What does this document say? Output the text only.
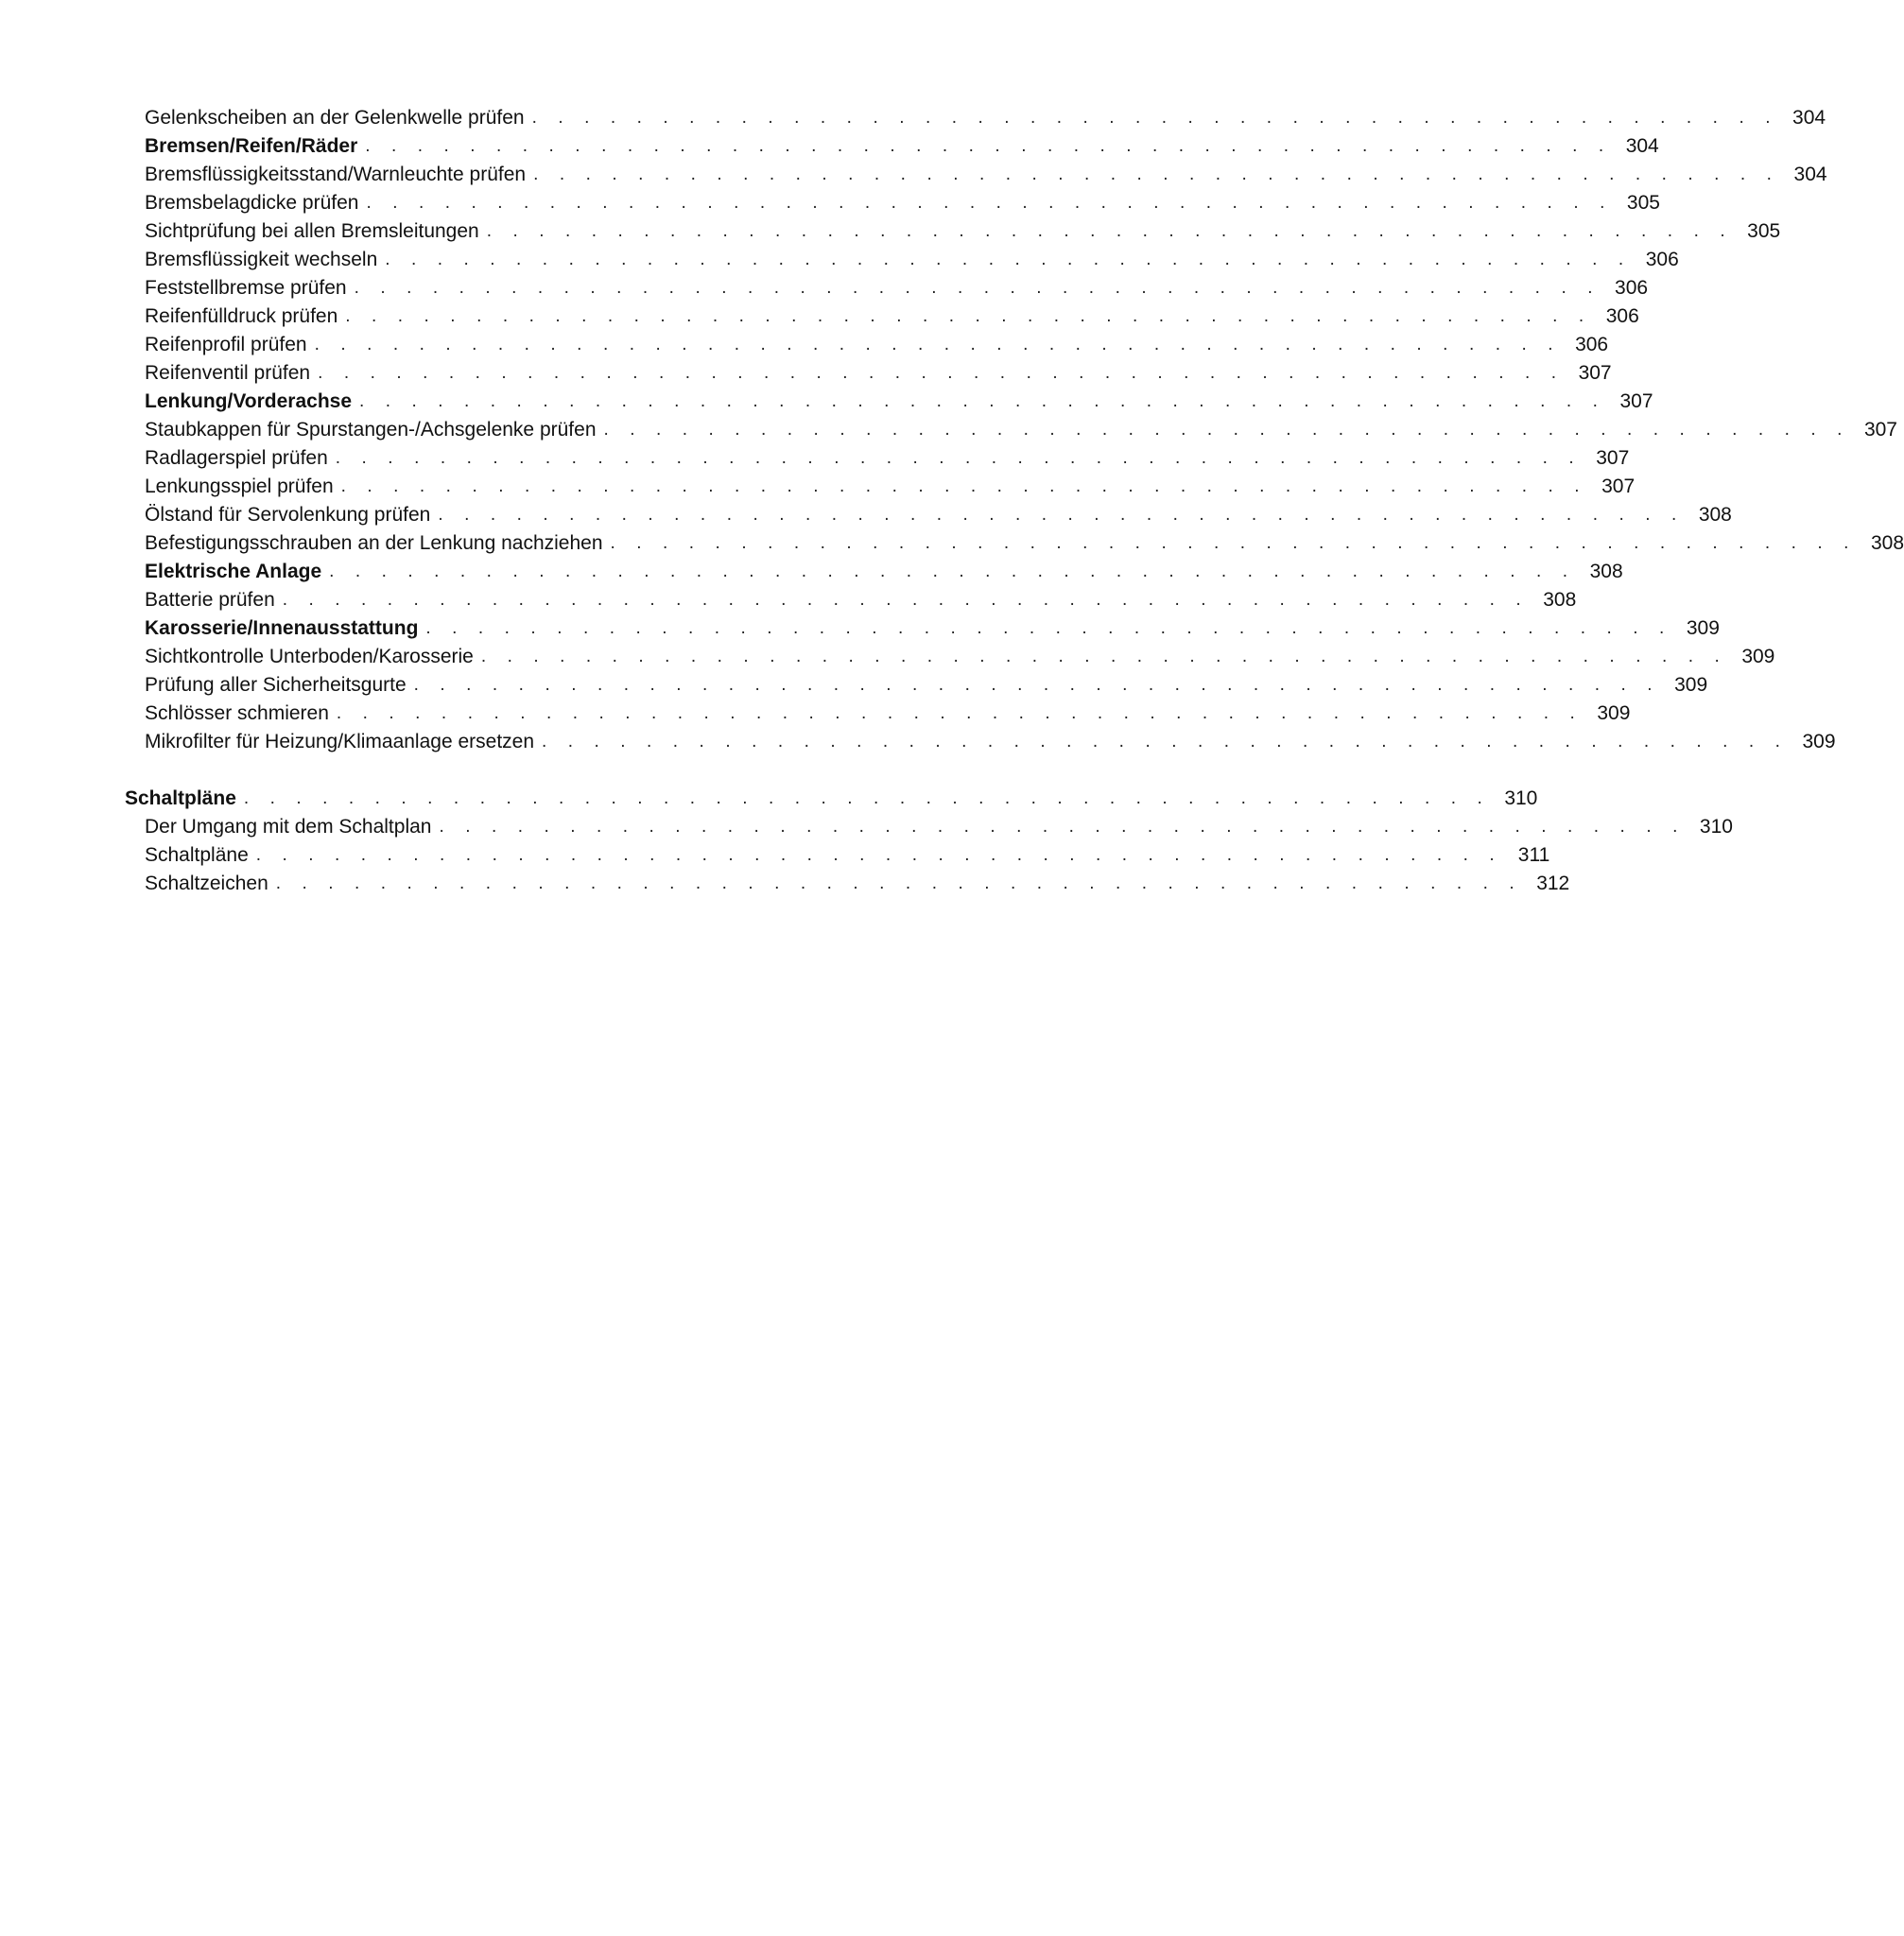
Gelenkscheiben an der Gelenkwelle prüfen . . . . . . . . . . . . . . . . . . . . . . . . . . . . . . . . . . . . . . . . . . . . . . . . 304
Bremsen/Reifen/Räder . . . . . . . . . . . . . . . . . . . . . . . . . . . . . . . . . . . . . . . . . . . . . . . . 304
Bremsflüssigkeitsstand/Warnleuchte prüfen . . . . . . . . . . . . . . . . . . . . . . . . . . . . . . . . . . . . . . . . . . . . . . . . 304
Bremsbelagdicke prüfen . . . . . . . . . . . . . . . . . . . . . . . . . . . . . . . . . . . . . . . . . . . . . . . . 305
Sichtprüfung bei allen Bremsleitungen . . . . . . . . . . . . . . . . . . . . . . . . . . . . . . . . . . . . . . . . . . . . . . . . 305
Bremsflüssigkeit wechseln . . . . . . . . . . . . . . . . . . . . . . . . . . . . . . . . . . . . . . . . . . . . . . . . 306
Feststellbremse prüfen . . . . . . . . . . . . . . . . . . . . . . . . . . . . . . . . . . . . . . . . . . . . . . . . 306
Reifenfülldruck prüfen . . . . . . . . . . . . . . . . . . . . . . . . . . . . . . . . . . . . . . . . . . . . . . . . 306
Reifenprofil prüfen . . . . . . . . . . . . . . . . . . . . . . . . . . . . . . . . . . . . . . . . . . . . . . . . 306
Reifenventil prüfen . . . . . . . . . . . . . . . . . . . . . . . . . . . . . . . . . . . . . . . . . . . . . . . . 307
Lenkung/Vorderachse . . . . . . . . . . . . . . . . . . . . . . . . . . . . . . . . . . . . . . . . . . . . . . . . 307
Staubkappen für Spurstangen-/Achsgelenke prüfen . . . . . . . . . . . . . . . . . . . . . . . . . . . . . . . . . . . . . . . . . . . . . . . . 307
Radlagerspiel prüfen . . . . . . . . . . . . . . . . . . . . . . . . . . . . . . . . . . . . . . . . . . . . . . . . 307
Lenkungsspiel prüfen . . . . . . . . . . . . . . . . . . . . . . . . . . . . . . . . . . . . . . . . . . . . . . . . 307
Ölstand für Servolenkung prüfen . . . . . . . . . . . . . . . . . . . . . . . . . . . . . . . . . . . . . . . . . . . . . . . . 308
Befestigungsschrauben an der Lenkung nachziehen . . . . . . . . . . . . . . . . . . . . . . . . . . . . . . . . . . . . . . . . . . . . . . . . 308
Elektrische Anlage . . . . . . . . . . . . . . . . . . . . . . . . . . . . . . . . . . . . . . . . . . . . . . . . 308
Batterie prüfen . . . . . . . . . . . . . . . . . . . . . . . . . . . . . . . . . . . . . . . . . . . . . . . . 308
Karosserie/Innenausstattung . . . . . . . . . . . . . . . . . . . . . . . . . . . . . . . . . . . . . . . . . . . . . . . . 309
Sichtkontrolle Unterboden/Karosserie . . . . . . . . . . . . . . . . . . . . . . . . . . . . . . . . . . . . . . . . . . . . . . . . 309
Prüfung aller Sicherheitsgurte . . . . . . . . . . . . . . . . . . . . . . . . . . . . . . . . . . . . . . . . . . . . . . . . 309
Schlösser schmieren . . . . . . . . . . . . . . . . . . . . . . . . . . . . . . . . . . . . . . . . . . . . . . . . 309
Mikrofilter für Heizung/Klimaanlage ersetzen . . . . . . . . . . . . . . . . . . . . . . . . . . . . . . . . . . . . . . . . . . . . . . . . 309
Schaltpläne . . . . . . . . . . . . . . . . . . . . . . . . . . . . . . . . . . . . . . . . . . . . . . . . 310
Der Umgang mit dem Schaltplan . . . . . . . . . . . . . . . . . . . . . . . . . . . . . . . . . . . . . . . . . . . . . . . . 310
Schaltpläne . . . . . . . . . . . . . . . . . . . . . . . . . . . . . . . . . . . . . . . . . . . . . . . . 311
Schaltzeichen . . . . . . . . . . . . . . . . . . . . . . . . . . . . . . . . . . . . . . . . . . . . . . . . 312
